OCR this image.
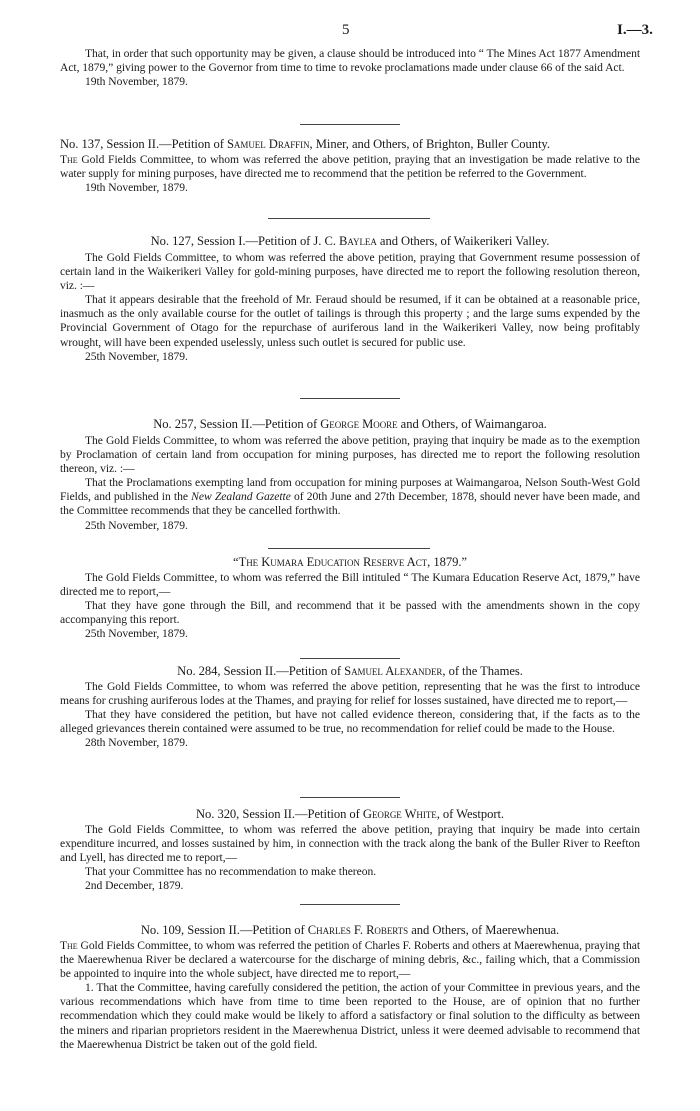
5	I.—3.

That, in order that such opportunity may be given, a clause should be introduced into “ The Mines Act 1877 Amendment Act, 1879,” giving power to the Governor from time to time to revoke proclamations made under clause 66 of the said Act.

19th November, 1879.

No. 137, Session II.—Petition of Samuel Draffin, Miner, and Others, of Brighton, Buller County.

The Gold Fields Committee, to whom was referred the above petition, praying that an investigation be made relative to the water supply for mining purposes, have directed me to recommend that the petition be referred to the Government.

19th November, 1879.

No. 127, Session I.—Petition of J. C. Baylea and Others, of Waikerikeri Valley.

The Gold Fields Committee, to whom was referred the above petition, praying that Government resume possession of certain land in the Waikerikeri Valley for gold-mining purposes, have directed me to report the following resolution thereon, viz. :—

That it appears desirable that the freehold of Mr. Feraud should be resumed, if it can be obtained at a reasonable price, inasmuch as the only available course for the outlet of tailings is through this property ; and the large sums expended by the Provincial Government of Otago for the repurchase of auriferous land in the Waikerikeri Valley, now being profitably wrought, will have been expended uselessly, unless such outlet is secured for public use.

25th November, 1879.

No. 257, Session II.—Petition of George Moore and Others, of Waimangaroa.

The Gold Fields Committee, to whom was referred the above petition, praying that inquiry be made as to the exemption by Proclamation of certain land from occupation for mining purposes, has directed me to report the following resolution thereon, viz. :—

That the Proclamations exempting land from occupation for mining purposes at Waimangaroa, Nelson South-West Gold Fields, and published in the New Zealand Gazette of 20th June and 27th December, 1878, should never have been made, and the Committee recommends that they be cancelled forthwith.

25th November, 1879.

“The Kumara Education Reserve Act, 1879.”

The Gold Fields Committee, to whom was referred the Bill intituled “ The Kumara Education Reserve Act, 1879,” have directed me to report,—

That they have gone through the Bill, and recommend that it be passed with the amendments shown in the copy accompanying this report.

25th November, 1879.

No. 284, Session II.—Petition of Samuel Alexander, of the Thames.

The Gold Fields Committee, to whom was referred the above petition, representing that he was the first to introduce means for crushing auriferous lodes at the Thames, and praying for relief for losses sustained, have directed me to report,—

That they have considered the petition, but have not called evidence thereon, considering that, if the facts as to the alleged grievances therein contained were assumed to be true, no recommendation for relief could be made to the House.

28th November, 1879.

No. 320, Session II.—Petition of George White, of Westport.

The Gold Fields Committee, to whom was referred the above petition, praying that inquiry be made into certain expenditure incurred, and losses sustained by him, in connection with the track along the bank of the Buller River to Reefton and Lyell, has directed me to report,—

That your Committee has no recommendation to make thereon.

2nd December, 1879.

No. 109, Session II.—Petition of Charles F. Roberts and Others, of Maerewhenua.

The Gold Fields Committee, to whom was referred the petition of Charles F. Roberts and others at Maerewhenua, praying that the Maerewhenua River be declared a watercourse for the discharge of mining debris, &c., failing which, that a Commission be appointed to inquire into the whole subject, have directed me to report,—

1. That the Committee, having carefully considered the petition, the action of your Committee in previous years, and the various recommendations which have from time to time been reported to the House, are of opinion that no further recommendation which they could make would be likely to afford a satisfactory or final solution to the difficulty as between the miners and riparian proprietors resident in the Maerewhenua District, unless it were deemed advisable to recommend that the Maerewhenua District be taken out of the gold field.
